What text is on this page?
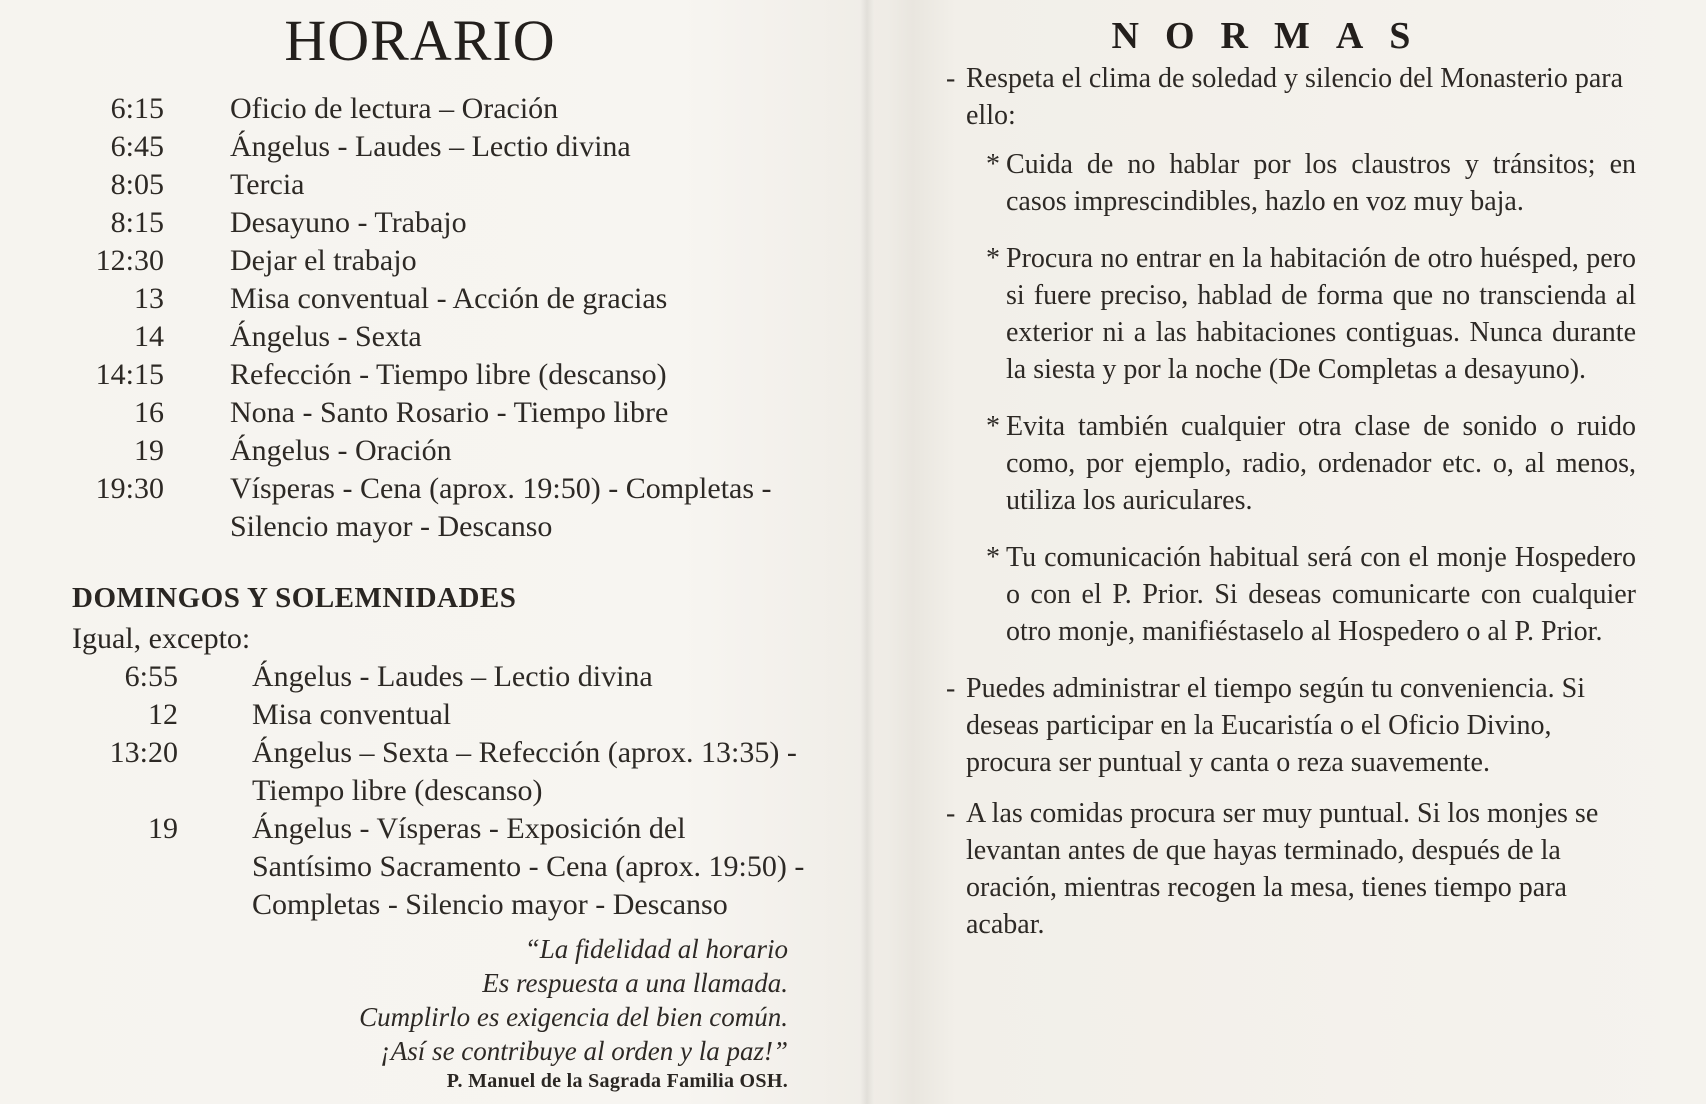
HORARIO
6:15	Oficio de lectura – Oración
6:45	Ángelus - Laudes – Lectio divina
8:05	Tercia
8:15	Desayuno - Trabajo
12:30	Dejar el trabajo
13	Misa conventual - Acción de gracias
14	Ángelus - Sexta
14:15	Refección - Tiempo libre (descanso)
16	Nona - Santo Rosario - Tiempo libre
19	Ángelus - Oración
19:30	Vísperas - Cena (aprox. 19:50) - Completas -
Silencio mayor - Descanso
DOMINGOS Y SOLEMNIDADES
Igual, excepto:
6:55	Ángelus - Laudes – Lectio divina
12	Misa conventual
13:20	Ángelus – Sexta – Refección (aprox. 13:35) -
Tiempo libre (descanso)
19	Ángelus - Vísperas - Exposición del
Santísimo Sacramento - Cena (aprox. 19:50) -
Completas - Silencio mayor - Descanso
“La fidelidad al horario
Es respuesta a una llamada.
Cumplirlo es exigencia del bien común.
¡Así se contribuye al orden y la paz!”
P. Manuel de la Sagrada Familia OSH.
NORMAS
- Respeta el clima de soledad y silencio del Monasterio para ello:
* Cuida de no hablar por los claustros y tránsitos; en casos imprescindibles, hazlo en voz muy baja.
* Procura no entrar en la habitación de otro huésped, pero si fuere preciso, hablad de forma que no transcienda al exterior ni a las habitaciones contiguas. Nunca durante la siesta y por la noche (De Completas a desayuno).
* Evita también cualquier otra clase de sonido o ruido como, por ejemplo, radio, ordenador etc. o, al menos, utiliza los auriculares.
* Tu comunicación habitual será con el monje Hospedero o con el P. Prior. Si deseas comunicarte con cualquier otro monje, manifiéstaselo al Hospedero o al P. Prior.
- Puedes administrar el tiempo según tu conveniencia. Si deseas participar en la Eucaristía o el Oficio Divino, procura ser puntual y canta o reza suavemente.
- A las comidas procura ser muy puntual. Si los monjes se levantan antes de que hayas terminado, después de la oración, mientras recogen la mesa, tienes tiempo para acabar.
